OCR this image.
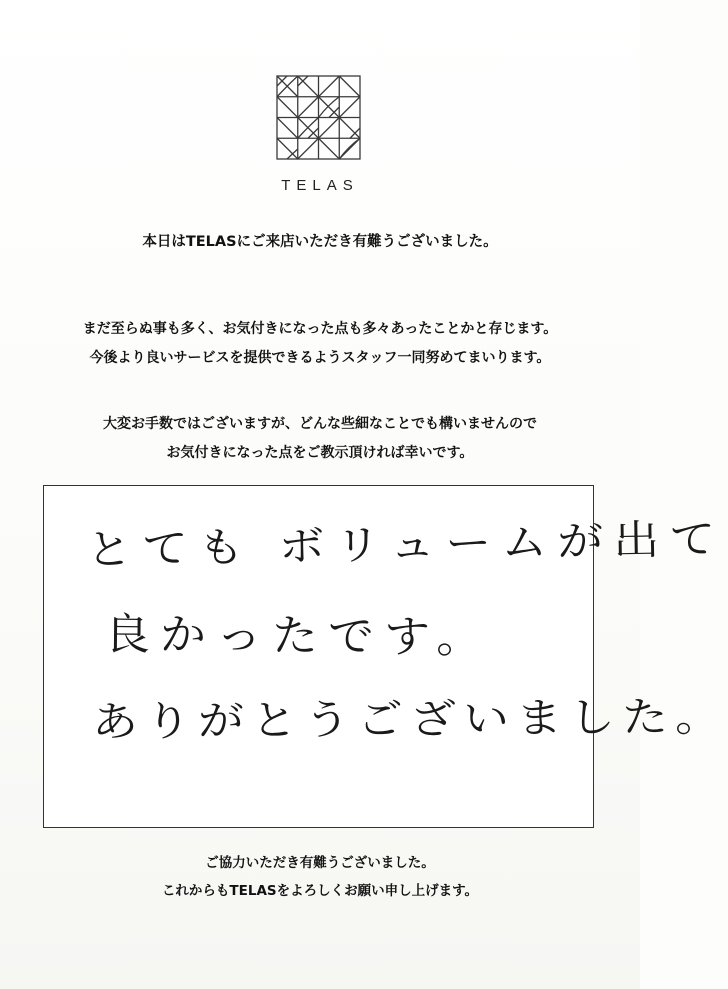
TELAS
本日はTELASにご来店いただき有難うございました。
まだ至らぬ事も多く、お気付きになった点も多々あったことかと存じます。
今後より良いサービスを提供できるようスタッフ一同努めてまいります。
大変お手数ではございますが、どんな些細なことでも構いませんので
お気付きになった点をご教示頂ければ幸いです。
とても ボリュームが出て
良かったです。
ありがとうございました。
ご協力いただき有難うございました。
これからもTELASをよろしくお願い申し上げます。
